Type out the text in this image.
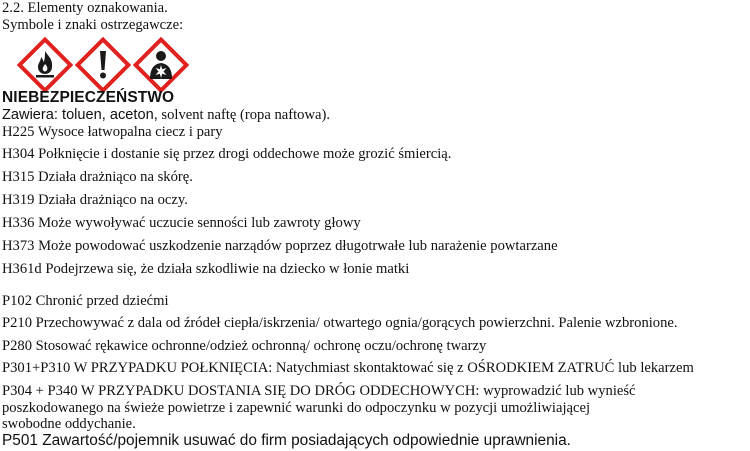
2.2. Elementy oznakowania.
Symbole i znaki ostrzegawcze:
NIEBEZPIECZEŃSTWO
Zawiera: toluen, aceton, solvent naftę (ropa naftowa).
H225 Wysoce łatwopalna ciecz i pary
H304 Połknięcie i dostanie się przez drogi oddechowe może grozić śmiercią.
H315 Działa drażniąco na skórę.
H319 Działa drażniąco na oczy.
H336 Może wywoływać uczucie senności lub zawroty głowy
H373 Może powodować uszkodzenie narządów poprzez długotrwałe lub narażenie powtarzane
H361d Podejrzewa się, że działa szkodliwie na dziecko w łonie matki
P102 Chronić przed dziećmi
P210 Przechowywać z dala od źródeł ciepła/iskrzenia/ otwartego ognia/gorących powierzchni. Palenie wzbronione.
P280 Stosować rękawice ochronne/odzież ochronną/ ochronę oczu/ochronę twarzy
P301+P310 W PRZYPADKU POŁKNIĘCIA: Natychmiast skontaktować się z OŚRODKIEM ZATRUĆ lub lekarzem
P304 + P340 W PRZYPADKU DOSTANIA SIĘ DO DRÓG ODDECHOWYCH: wyprowadzić lub wynieść
poszkodowanego na świeże powietrze i zapewnić warunki do odpoczynku w pozycji umożliwiającej
swobodne oddychanie.
P501 Zawartość/pojemnik usuwać do firm posiadających odpowiednie uprawnienia.
